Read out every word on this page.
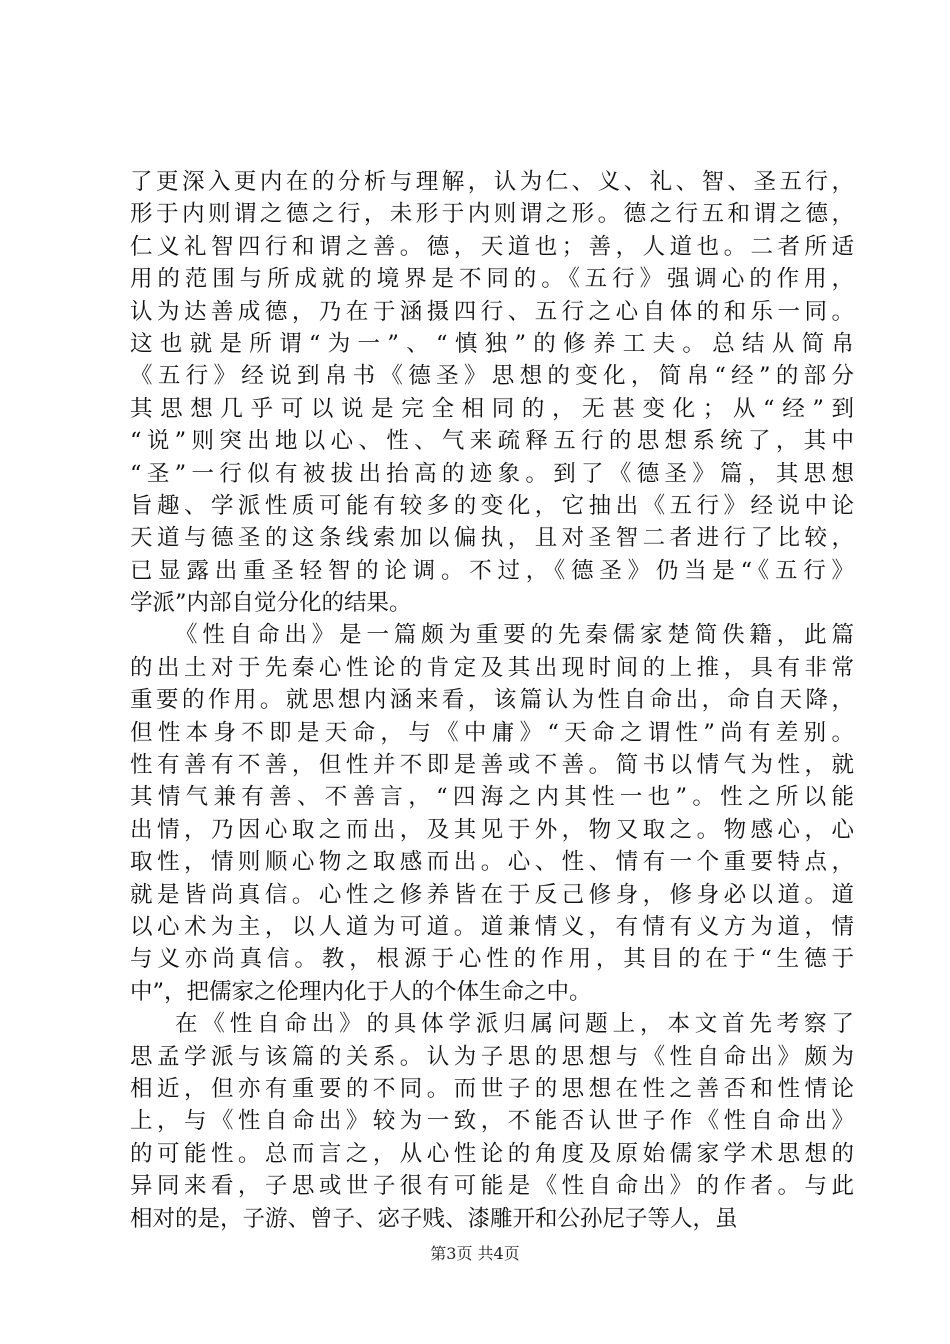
了更深入更内在的分析与理解，认为仁、义、礼、智、圣五行，
形于内则谓之德之行，未形于内则谓之形。德之行五和谓之德，
仁义礼智四行和谓之善。德，天道也；善，人道也。二者所适
用的范围与所成就的境界是不同的。《五行》强调心的作用，
认为达善成德，乃在于涵摄四行、五行之心自体的和乐一同。
这也就是所谓“为一”、“慎独”的修养工夫。总结从简帛
《五行》经说到帛书《德圣》思想的变化，简帛“经”的部分
其思想几乎可以说是完全相同的，无甚变化；从“经”到
“说”则突出地以心、性、气来疏释五行的思想系统了，其中
“圣”一行似有被拔出抬高的迹象。到了《德圣》篇，其思想
旨趣、学派性质可能有较多的变化，它抽出《五行》经说中论
天道与德圣的这条线索加以偏执，且对圣智二者进行了比较，
已显露出重圣轻智的论调。不过，《德圣》仍当是“《五行》
学派”内部自觉分化的结果。
《性自命出》是一篇颇为重要的先秦儒家楚简佚籍，此篇
的出土对于先秦心性论的肯定及其出现时间的上推，具有非常
重要的作用。就思想内涵来看，该篇认为性自命出，命自天降，
但性本身不即是天命，与《中庸》“天命之谓性”尚有差别。
性有善有不善，但性并不即是善或不善。简书以情气为性，就
其情气兼有善、不善言，“四海之内其性一也”。性之所以能
出情，乃因心取之而出，及其见于外，物又取之。物感心，心
取性，情则顺心物之取感而出。心、性、情有一个重要特点，
就是皆尚真信。心性之修养皆在于反己修身，修身必以道。道
以心术为主，以人道为可道。道兼情义，有情有义方为道，情
与义亦尚真信。教，根源于心性的作用，其目的在于“生德于
中”，把儒家之伦理内化于人的个体生命之中。
在《性自命出》的具体学派归属问题上，本文首先考察了
思孟学派与该篇的关系。认为子思的思想与《性自命出》颇为
相近，但亦有重要的不同。而世子的思想在性之善否和性情论
上，与《性自命出》较为一致，不能否认世子作《性自命出》
的可能性。总而言之，从心性论的角度及原始儒家学术思想的
异同来看，子思或世子很有可能是《性自命出》的作者。与此
相对的是，子游、曾子、宓子贱、漆雕开和公孙尼子等人，虽
第3页 共4页
